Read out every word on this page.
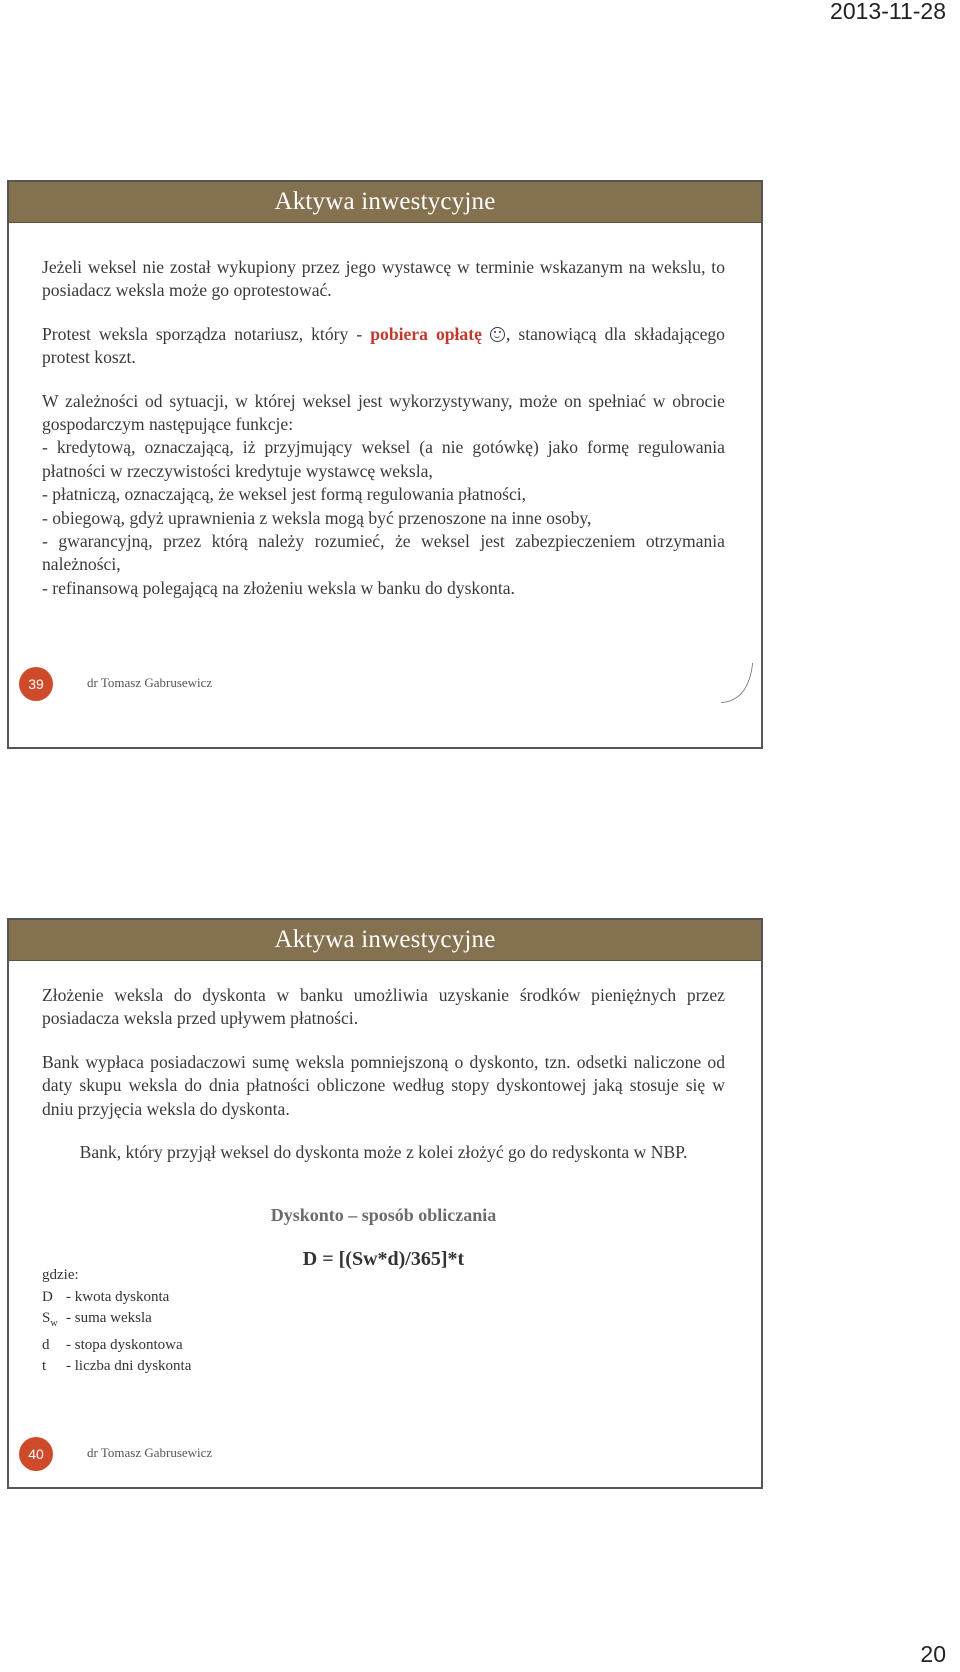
2013-11-28
Aktywa inwestycyjne

Jeżeli weksel nie został wykupiony przez jego wystawcę w terminie wskazanym na wekslu, to posiadacz weksla może go oprotestować.

Protest weksla sporządza notariusz, który - pobiera opłatę , stanowiącą dla składającego protest koszt.

W zależności od sytuacji, w której weksel jest wykorzystywany, może on spełniać w obrocie gospodarczym następujące funkcje:

- kredytową, oznaczającą, iż przyjmujący weksel (a nie gotówkę) jako formę regulowania płatności w rzeczywistości kredytuje wystawcę weksla,

- płatniczą, oznaczającą, że weksel jest formą regulowania płatności,

- obiegową, gdyż uprawnienia z weksla mogą być przenoszone na inne osoby,

- gwarancyjną, przez którą należy rozumieć, że weksel jest zabezpieczeniem otrzymania należności,

- refinansową polegającą na złożeniu weksla w banku do dyskonta.

39	dr Tomasz Gabrusewicz
Aktywa inwestycyjne

Złożenie weksla do dyskonta w banku umożliwia uzyskanie środków pieniężnych przez posiadacza weksla przed upływem płatności.

Bank wypłaca posiadaczowi sumę weksla pomniejszoną o dyskonto, tzn. odsetki naliczone od daty skupu weksla do dnia płatności obliczone według stopy dyskontowej jaką stosuje się w dniu przyjęcia weksla do dyskonta.

Bank, który przyjął weksel do dyskonta może z kolei złożyć go do redyskonta w NBP.

Dyskonto – sposób obliczania

D = [(Sw*d)/365]*t

gdzie:
D - kwota dyskonta
$S_w$ - suma weksla
d	- stopa dyskontowa
t	- liczba dni dyskonta
40	dr Tomasz Gabrusewicz
20
